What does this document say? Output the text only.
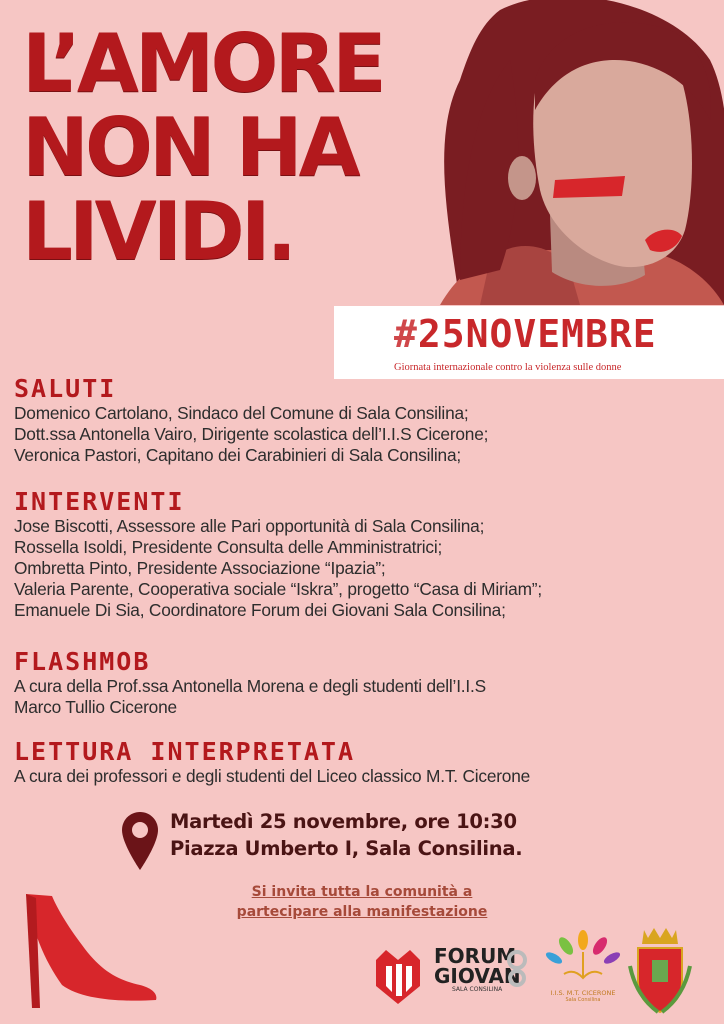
L’AMORE
NON HA
LIVIDI.
#25NOVEMBRE
Giornata internazionale contro la violenza sulle donne
SALUTI
Domenico Cartolano, Sindaco del Comune di Sala Consilina;
Dott.ssa Antonella Vairo, Dirigente scolastica dell’I.I.S Cicerone;
Veronica Pastori, Capitano dei Carabinieri di Sala Consilina;
INTERVENTI
Jose Biscotti, Assessore alle Pari opportunità di Sala Consilina;
Rossella Isoldi, Presidente Consulta delle Amministratrici;
Ombretta Pinto, Presidente Associazione “Ipazia”;
Valeria Parente, Cooperativa sociale “Iskra”, progetto “Casa di Miriam”;
Emanuele Di Sia, Coordinatore Forum dei Giovani Sala Consilina;
FLASHMOB
A cura della Prof.ssa Antonella Morena e degli studenti dell’I.I.S
Marco Tullio Cicerone
LETTURA INTERPRETATA
A cura dei professori e degli studenti del Liceo classico M.T. Cicerone
Martedì 25 novembre, ore 10:30
Piazza Umberto I, Sala Consilina.
Si invita tutta la comunità a
partecipare alla manifestazione
FORUM
GIOVAN
SALA CONSILINA	I.I.S. M.T. CICERONE
Sala Consilina
